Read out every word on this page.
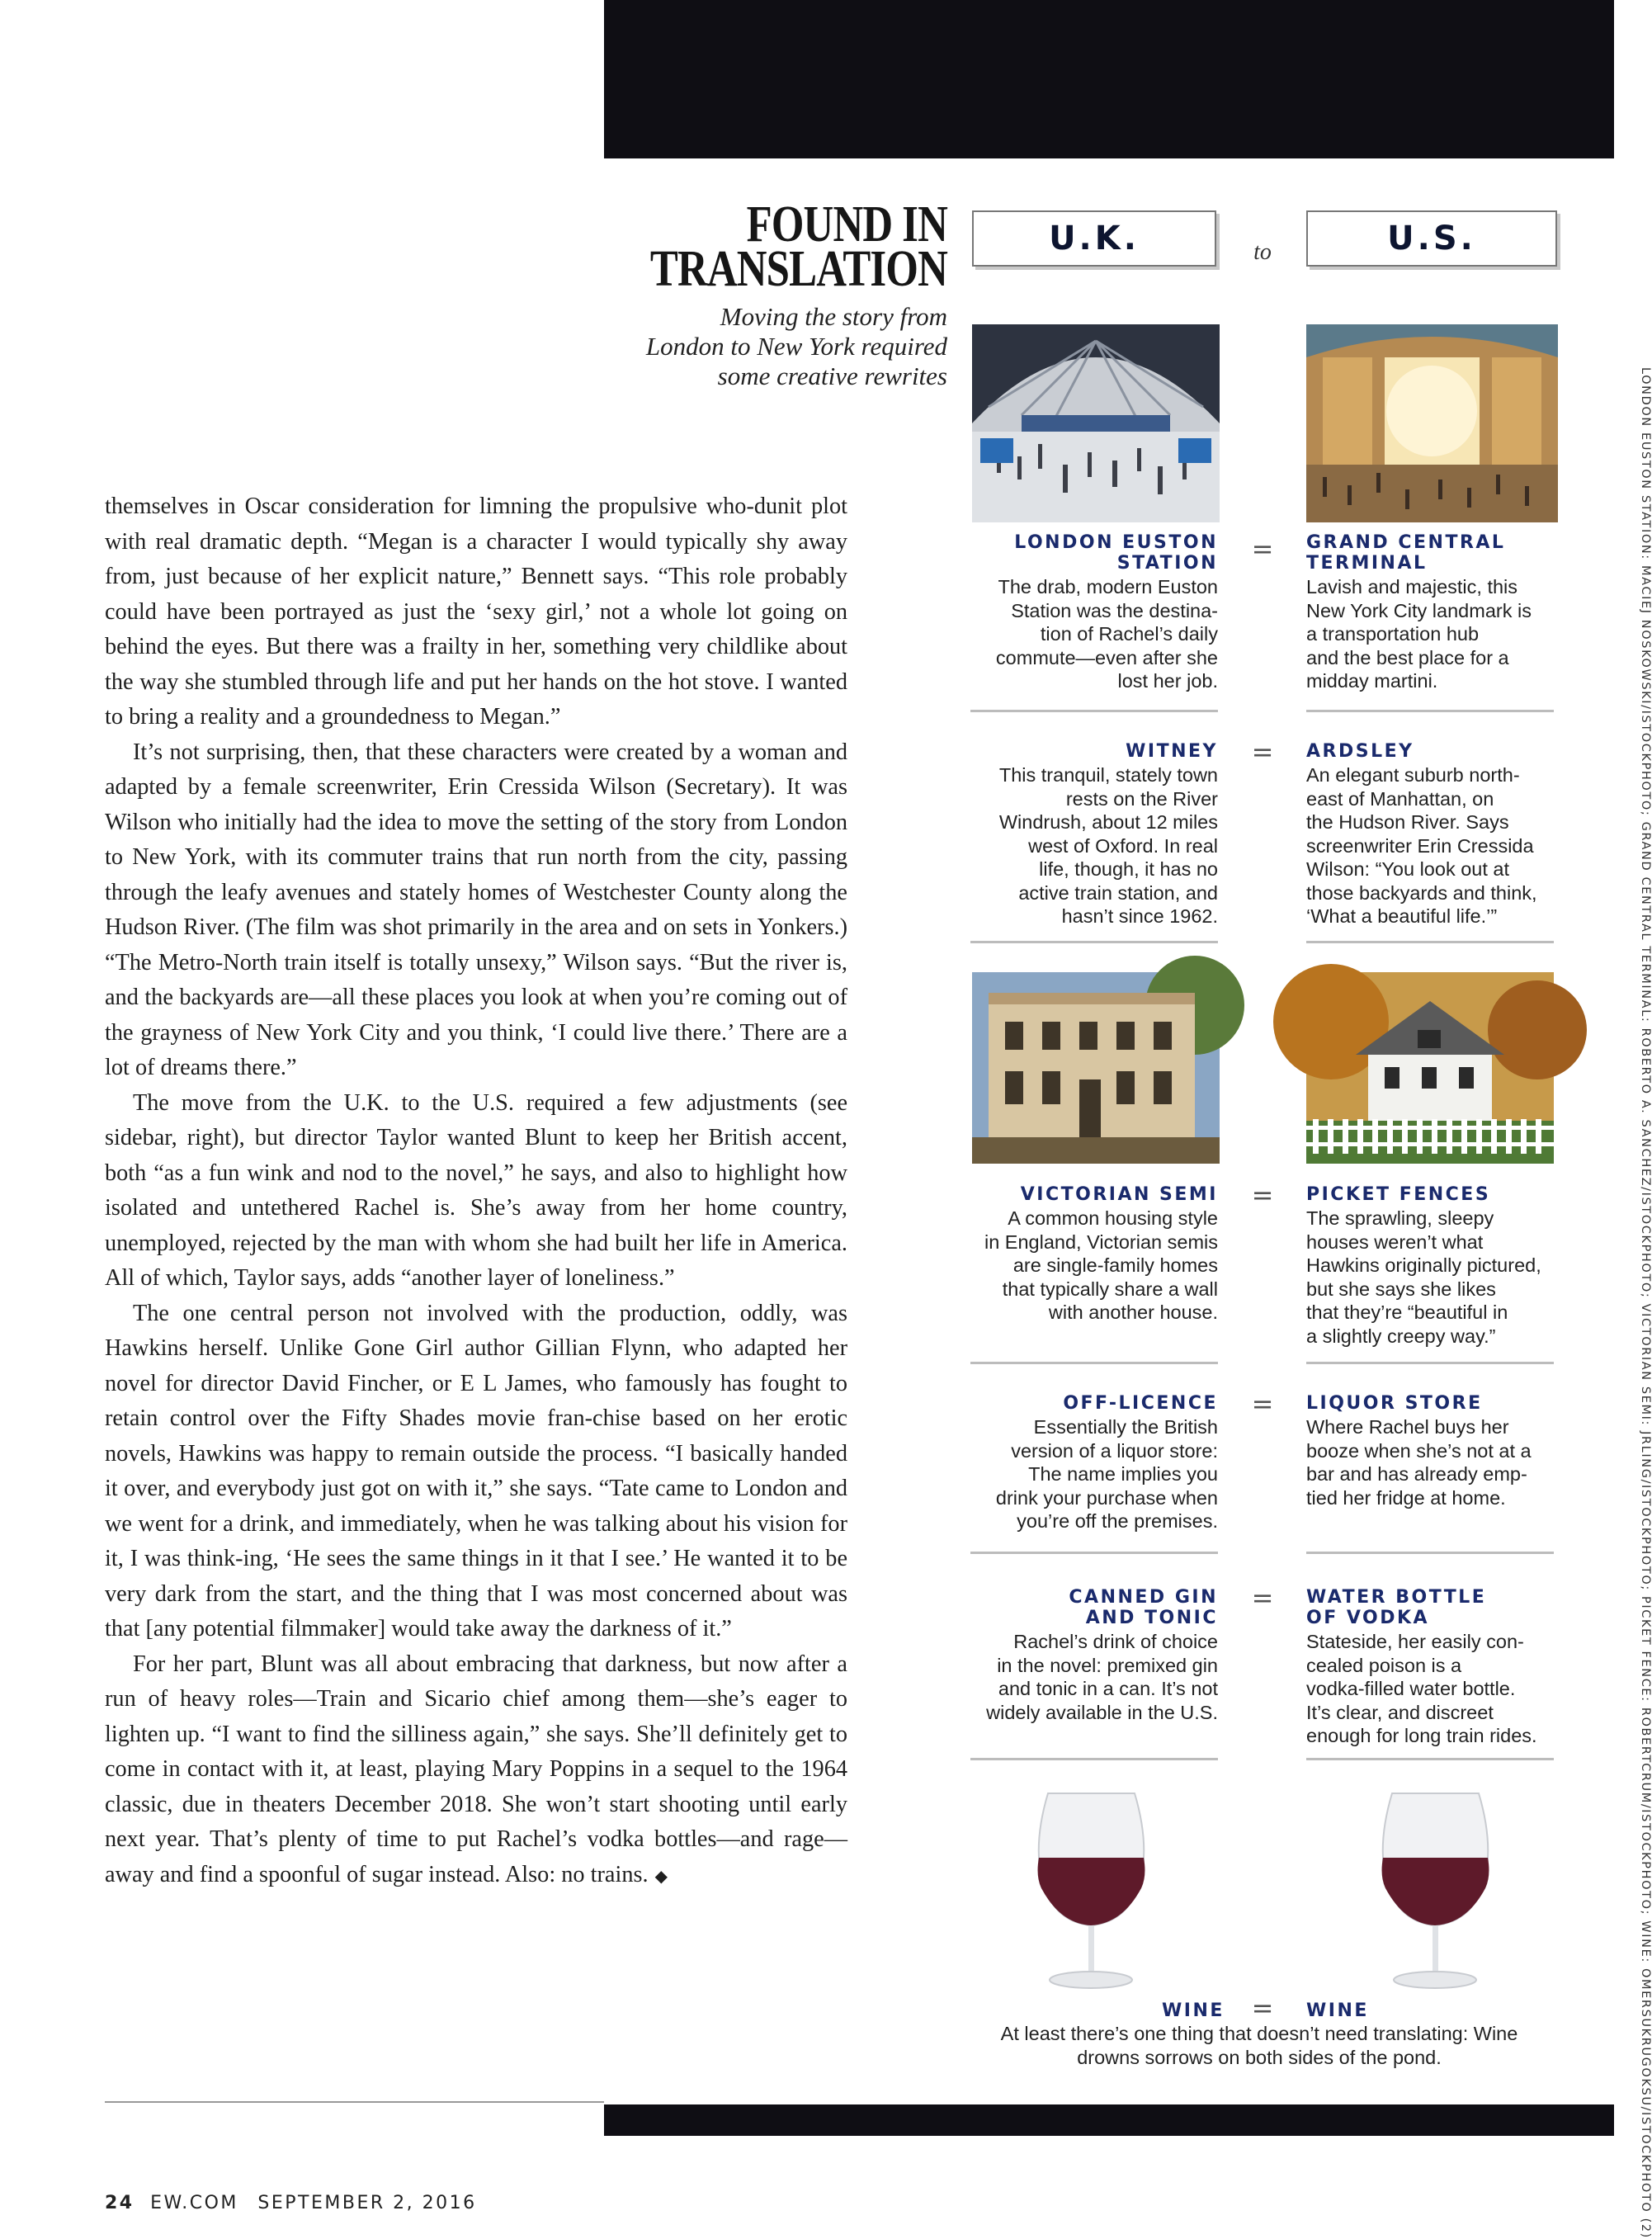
FOUND IN
TRANSLATION
Moving the story from
London to New York required
some creative rewrites

themselves in Oscar consideration for limning the propulsive who-dunit plot with real dramatic depth. “Megan is a character I would typically shy away from, just because of her explicit nature,” Bennett says. “This role probably could have been portrayed as just the ‘sexy girl,’ not a whole lot going on behind the eyes. But there was a frailty in her, something very childlike about the way she stumbled through life and put her hands on the hot stove. I wanted to bring a reality and a groundedness to Megan.”

It’s not surprising, then, that these characters were created by a woman and adapted by a female screenwriter, Erin Cressida Wilson (Secretary). It was Wilson who initially had the idea to move the setting of the story from London to New York, with its commuter trains that run north from the city, passing through the leafy avenues and stately homes of Westchester County along the Hudson River. (The film was shot primarily in the area and on sets in Yonkers.) “The Metro-North train itself is totally unsexy,” Wilson says. “But the river is, and the backyards are—all these places you look at when you’re coming out of the grayness of New York City and you think, ‘I could live there.’ There are a lot of dreams there.”

The move from the U.K. to the U.S. required a few adjustments (see sidebar, right), but director Taylor wanted Blunt to keep her British accent, both “as a fun wink and nod to the novel,” he says, and also to highlight how isolated and untethered Rachel is. She’s away from her home country, unemployed, rejected by the man with whom she had built her life in America. All of which, Taylor says, adds “another layer of loneliness.”

The one central person not involved with the production, oddly, was Hawkins herself. Unlike Gone Girl author Gillian Flynn, who adapted her novel for director David Fincher, or E L James, who famously has fought to retain control over the Fifty Shades movie fran-chise based on her erotic novels, Hawkins was happy to remain outside the process. “I basically handed it over, and everybody just got on with it,” she says. “Tate came to London and we went for a drink, and immediately, when he was talking about his vision for it, I was think-ing, ‘He sees the same things in it that I see.’ He wanted it to be very dark from the start, and the thing that I was most concerned about was that [any potential filmmaker] would take away the darkness of it.”

For her part, Blunt was all about embracing that darkness, but now after a run of heavy roles—Train and Sicario chief among them—she’s eager to lighten up. “I want to find the silliness again,” she says. She’ll definitely get to come in contact with it, at least, playing Mary Poppins in a sequel to the 1964 classic, due in theaters December 2018. She won’t start shooting until early next year. That’s plenty of time to put Rachel’s vodka bottles—and rage—away and find a spoonful of sugar instead. Also: no trains. ◆

U.K.	to	U.S.
LONDON EUSTON
STATION
The drab, modern Euston
Station was the destina-
tion of Rachel’s daily
commute—even after she
lost her job.
= GRAND CENTRAL
TERMINAL
Lavish and majestic, this
New York City landmark is
a transportation hub
and the best place for a
midday martini.
WITNEY
This tranquil, stately town
rests on the River
Windrush, about 12 miles
west of Oxford. In real
life, though, it has no
active train station, and
hasn’t since 1962.
= ARDSLEY
An elegant suburb north-
east of Manhattan, on
the Hudson River. Says
screenwriter Erin Cressida
Wilson: “You look out at
those backyards and think,
‘What a beautiful life.’”
VICTORIAN SEMI
A common housing style
in England, Victorian semis
are single-family homes
that typically share a wall
with another house.
= PICKET FENCES
The sprawling, sleepy
houses weren’t what
Hawkins originally pictured,
but she says she likes
that they’re “beautiful in
a slightly creepy way.”
OFF-LICENCE
Essentially the British
version of a liquor store:
The name implies you
drink your purchase when
you’re off the premises.
= LIQUOR STORE
Where Rachel buys her
booze when she’s not at a
bar and has already emp-
tied her fridge at home.
CANNED GIN
AND TONIC
Rachel’s drink of choice
in the novel: premixed gin
and tonic in a can. It’s not
widely available in the U.S.
= WATER BOTTLE
OF VODKA
Stateside, her easily con-
cealed poison is a
vodka-filled water bottle.
It’s clear, and discreet
enough for long train rides.
WINE = WINE
At least there’s one thing that doesn’t need translating: Wine drowns sorrows on both sides of the pond.	LONDON EUSTON STATION: MACIEJ NOSKOWSKI/ISTOCKPHOTO; GRAND CENTRAL TERMINAL: ROBERTO A. SANCHEZ/ISTOCKPHOTO; VICTORIAN SEMI: JRLING/ISTOCKPHOTO; PICKET FENCE: ROBERTCRUM/ISTOCKPHOTO; WINE: OMERSUKRUGOKSU/ISTOCKPHOTO (2)
24 EW.COM SEPTEMBER 2, 2016
